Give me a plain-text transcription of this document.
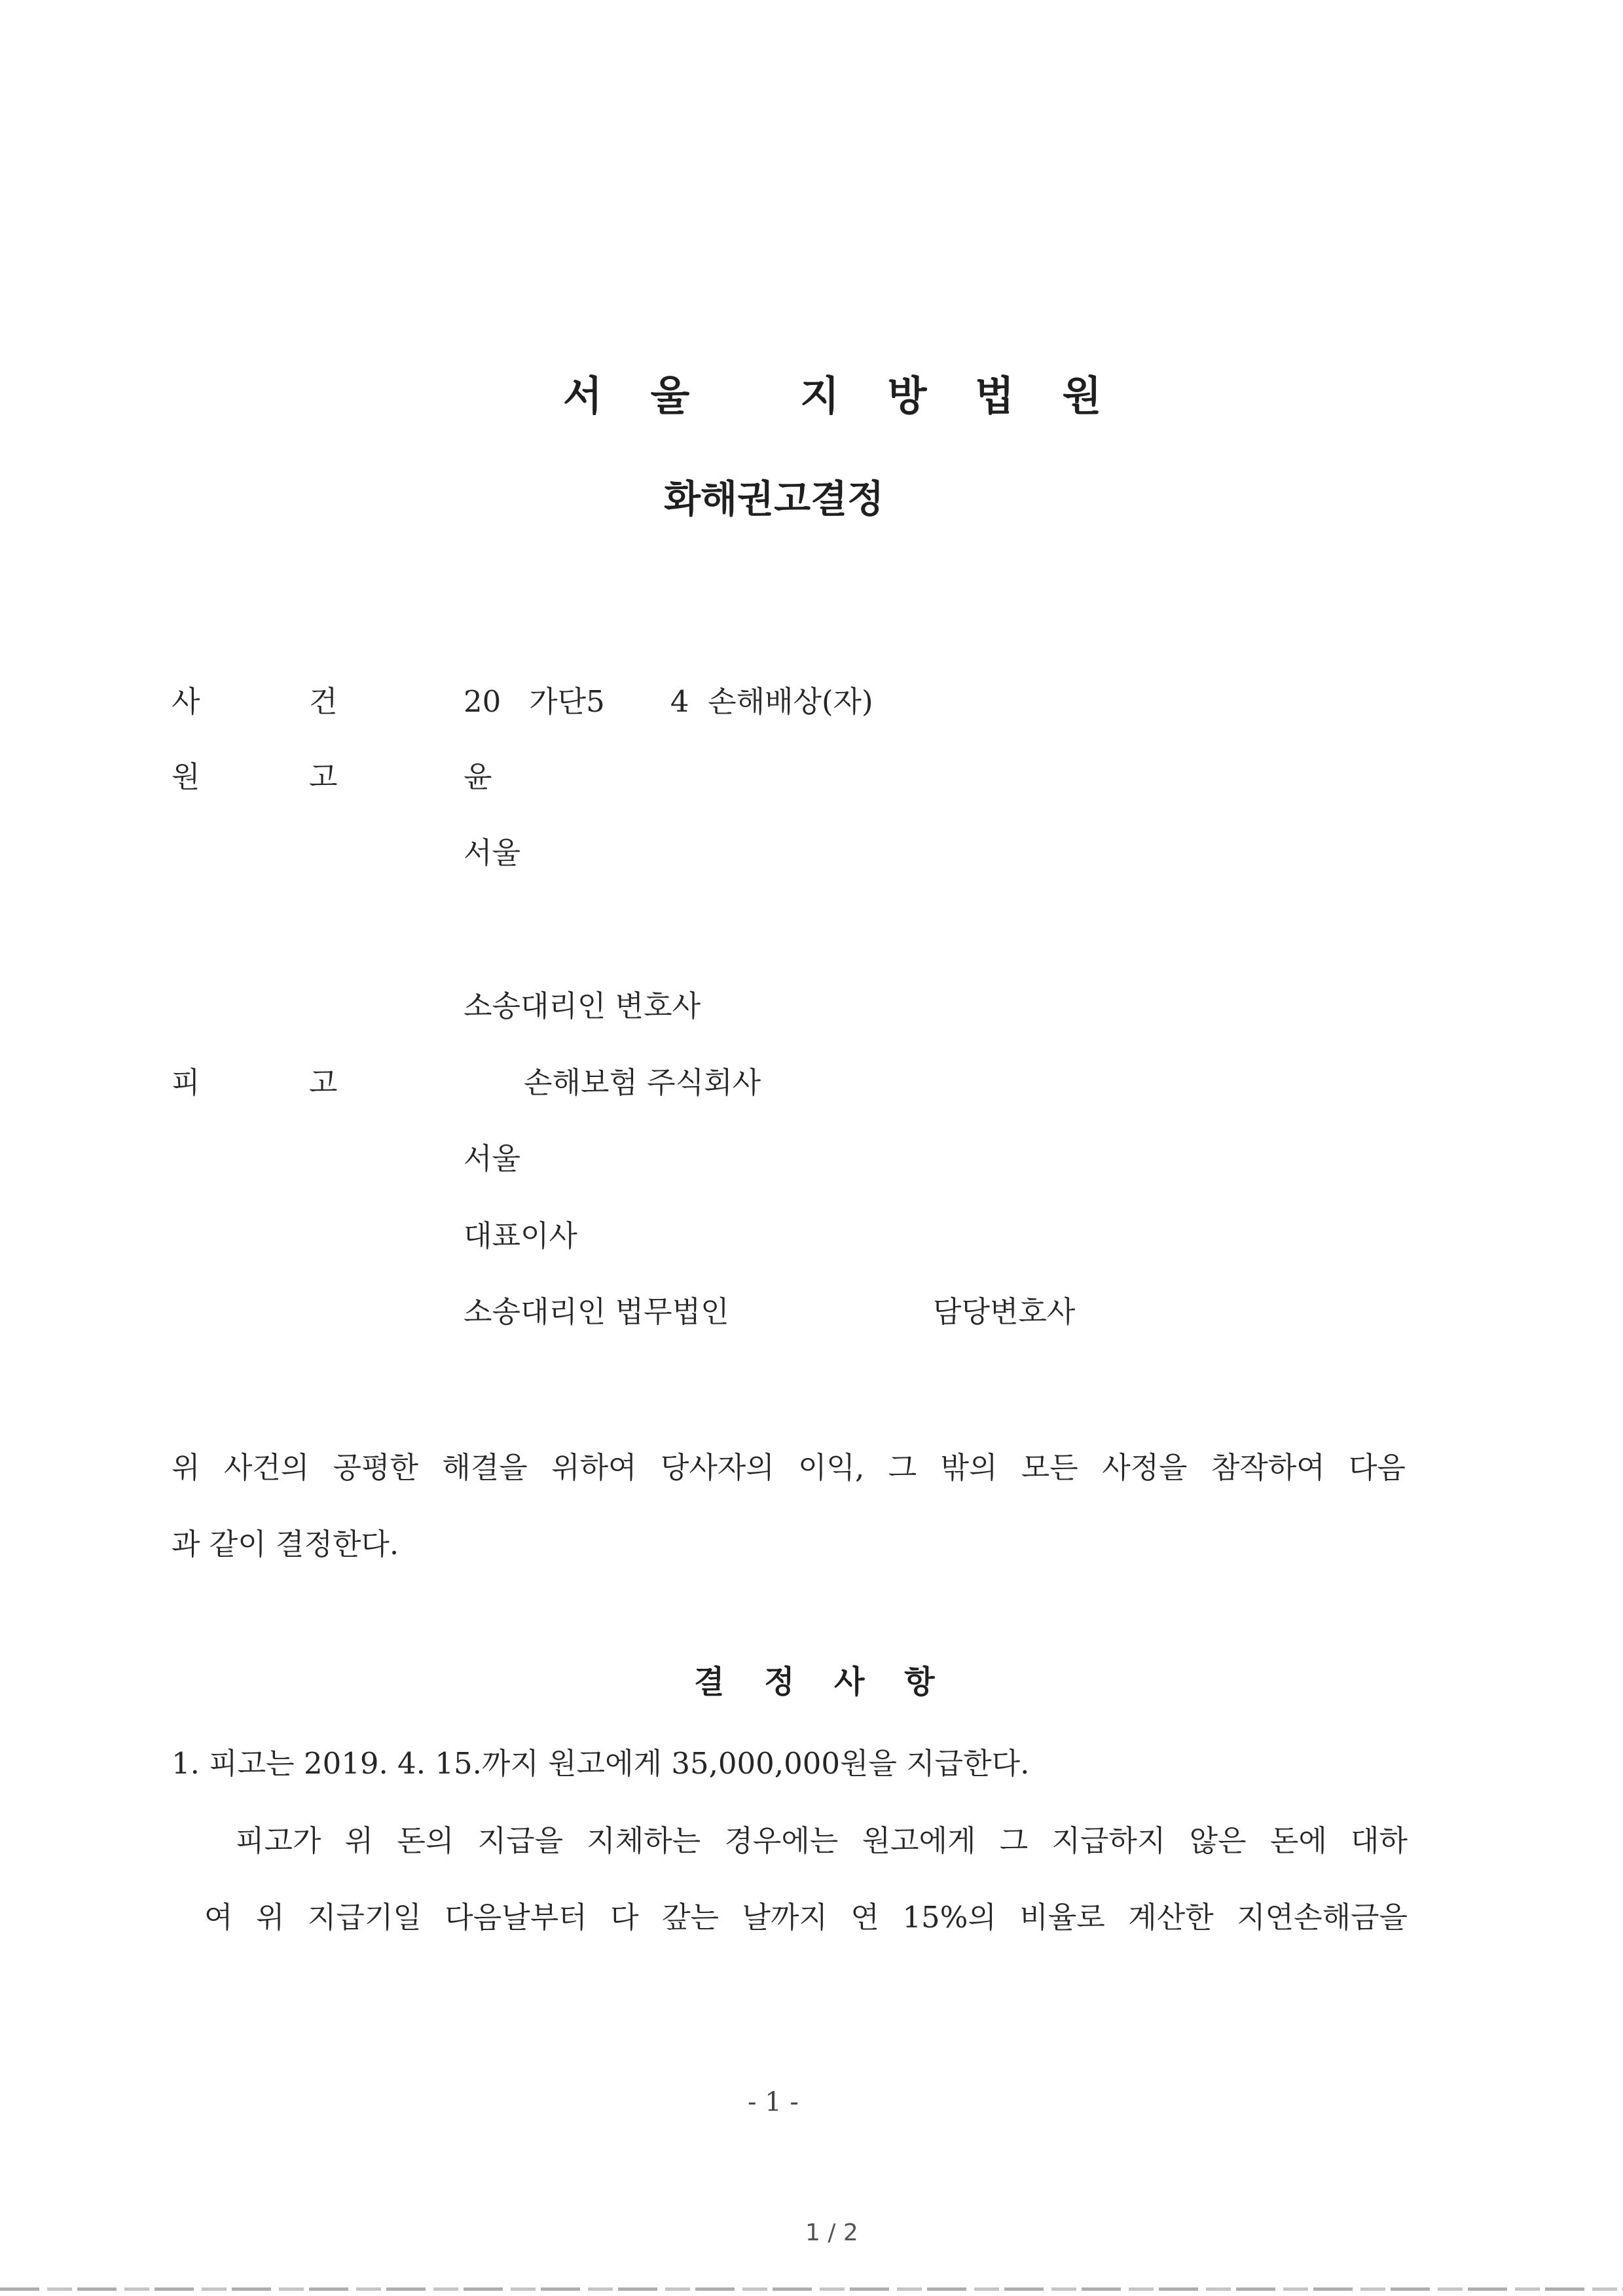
서 울   지 방 법 원
화해권고결정
사	건	20   가단5       4  손해배상(자)
원	고	윤
서울
소송대리인 변호사
피	고	손해보험 주식회사
서울
대표이사
소송대리인 법무법인	담당변호사
위 사건의 공평한 해결을 위하여 당사자의 이익, 그 밖의 모든 사정을 참작하여 다음
과 같이 결정한다.
결 정 사 항
1. 피고는 2019. 4. 15.까지 원고에게 35,000,000원을 지급한다.
피고가 위 돈의 지급을 지체하는 경우에는 원고에게 그 지급하지 않은 돈에 대하
여 위 지급기일 다음날부터 다 갚는 날까지 연 15%의 비율로 계산한 지연손해금을
- 1 -
1 / 2
